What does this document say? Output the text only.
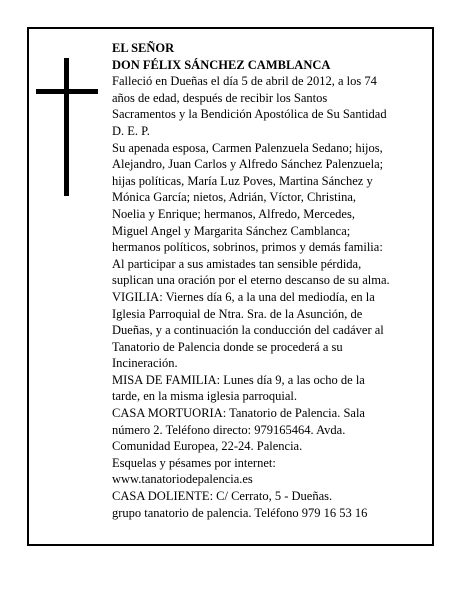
EL SEÑOR
DON FÉLIX SÁNCHEZ CAMBLANCA
Falleció en Dueñas el día 5 de abril de 2012, a los 74
años de edad, después de recibir los Santos
Sacramentos y la Bendición Apostólica de Su Santidad
D. E. P.
Su apenada esposa, Carmen Palenzuela Sedano; hijos,
Alejandro, Juan Carlos y Alfredo Sánchez Palenzuela;
hijas políticas, María Luz Poves, Martina Sánchez y
Mónica García; nietos, Adrián, Víctor, Christina,
Noelia y Enrique; hermanos, Alfredo, Mercedes,
Miguel Angel y Margarita Sánchez Camblanca;
hermanos políticos, sobrinos, primos y demás familia:
Al participar a sus amistades tan sensible pérdida,
suplican una oración por el eterno descanso de su alma.
VIGILIA: Viernes día 6, a la una del mediodía, en la
Iglesia Parroquial de Ntra. Sra. de la Asunción, de
Dueñas, y a continuación la conducción del cadáver al
Tanatorio de Palencia donde se procederá a su
Incineración.
MISA DE FAMILIA: Lunes día 9, a las ocho de la
tarde, en la misma iglesia parroquial.
CASA MORTUORIA: Tanatorio de Palencia. Sala
número 2. Teléfono directo: 979165464. Avda.
Comunidad Europea, 22-24. Palencia.
Esquelas y pésames por internet:
www.tanatoriodepalencia.es
CASA DOLIENTE: C/ Cerrato, 5 - Dueñas.
grupo tanatorio de palencia. Teléfono 979 16 53 16
